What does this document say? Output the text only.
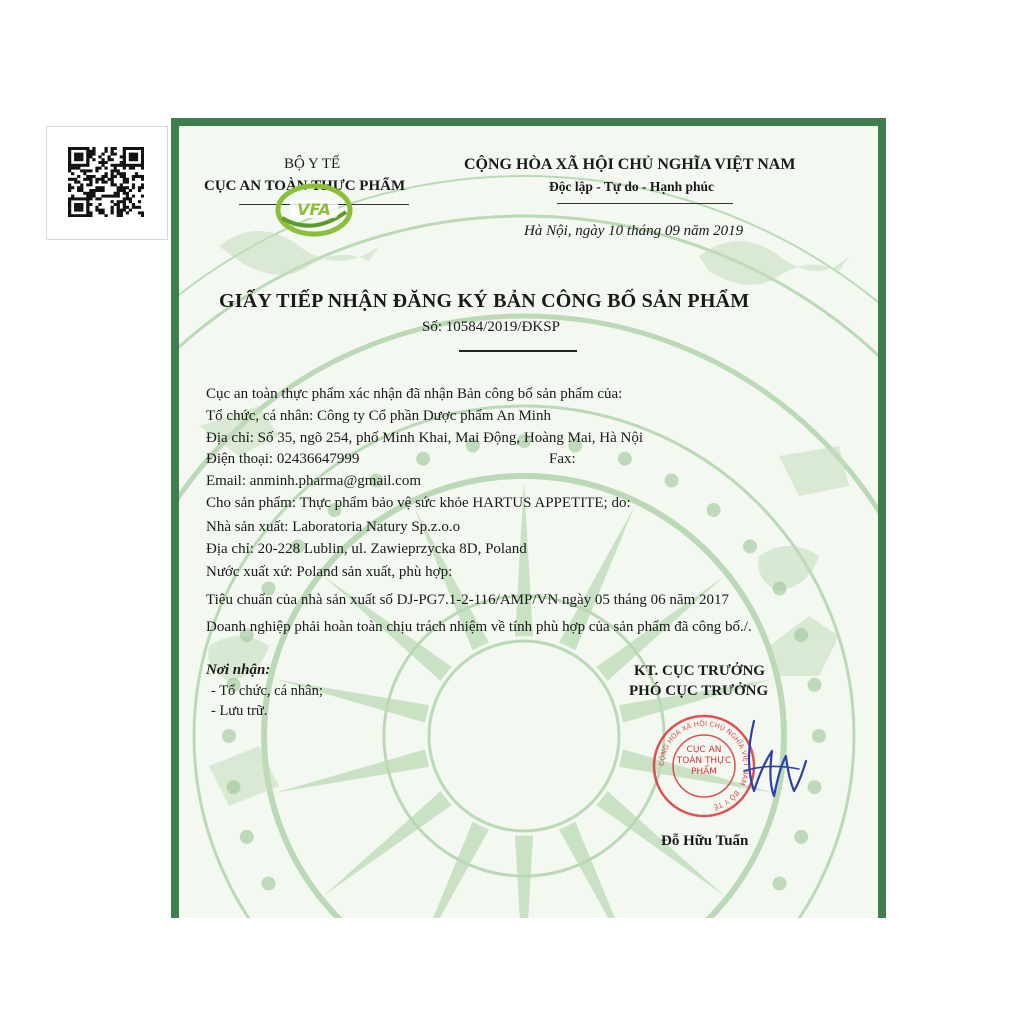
BỘ Y TẾ
CỤC AN TOÀN THỰC PHẨM
VFA
CỘNG HÒA XÃ HỘI CHỦ NGHĨA VIỆT NAM
Độc lập - Tự do - Hạnh phúc
Hà Nội, ngày 10 tháng 09 năm 2019
GIẤY TIẾP NHẬN ĐĂNG KÝ BẢN CÔNG BỐ SẢN PHẨM
Số: 10584/2019/ĐKSP
Cục an toàn thực phẩm xác nhận đã nhận Bản công bố sản phẩm của:
Tổ chức, cá nhân: Công ty Cổ phần Dược phẩm An Minh
Địa chỉ: Số 35, ngõ 254, phố Minh Khai, Mai Động, Hoàng Mai, Hà Nội
Điện thoại: 02436647999	Fax:
Email: anminh.pharma@gmail.com
Cho sản phẩm: Thực phẩm bảo vệ sức khỏe HARTUS APPETITE; do:
Nhà sản xuất: Laboratoria Natury Sp.z.o.o
Địa chỉ: 20-228 Lublin, ul. Zawieprzycka 8D, Poland
Nước xuất xứ: Poland sản xuất, phù hợp:
Tiêu chuẩn của nhà sản xuất số DJ-PG7.1-2-116/AMP/VN ngày 05 tháng 06 năm 2017
Doanh nghiệp phải hoàn toàn chịu trách nhiệm về tính phù hợp của sản phẩm đã công bố./.
Nơi nhận:
- Tổ chức, cá nhân;
- Lưu trữ.
KT. CỤC TRƯỞNG
PHÓ CỤC TRƯỞNG
CỘNG HÒA XÃ HỘI CHỦ NGHĨA VIỆT NAM · BỘ Y TẾ
CỤC AN TOÀN THỰC PHẨM
Đỗ Hữu Tuấn
